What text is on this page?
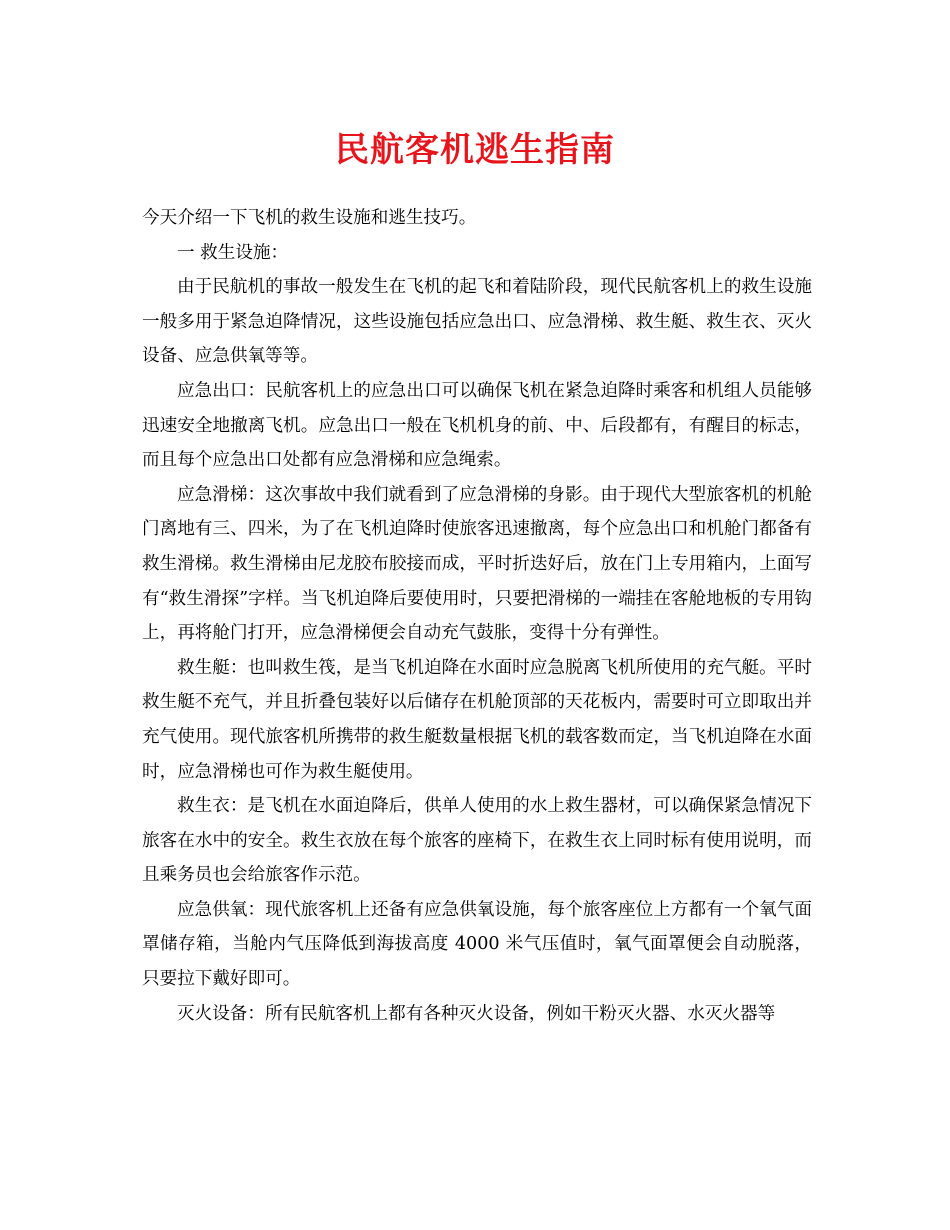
民航客机逃生指南

今天介绍一下飞机的救生设施和逃生技巧。

一 救生设施：

由于民航机的事故一般发生在飞机的起飞和着陆阶段，现代民航客机上的救生设施一般多用于紧急迫降情况，这些设施包括应急出口、应急滑梯、救生艇、救生衣、灭火设备、应急供氧等等。

应急出口：民航客机上的应急出口可以确保飞机在紧急迫降时乘客和机组人员能够迅速安全地撤离飞机。应急出口一般在飞机机身的前、中、后段都有，有醒目的标志，而且每个应急出口处都有应急滑梯和应急绳索。

应急滑梯：这次事故中我们就看到了应急滑梯的身影。由于现代大型旅客机的机舱门离地有三、四米，为了在飞机迫降时使旅客迅速撤离，每个应急出口和机舱门都备有救生滑梯。救生滑梯由尼龙胶布胶接而成，平时折迭好后，放在门上专用箱内，上面写有“救生滑探”字样。当飞机迫降后要使用时，只要把滑梯的一端挂在客舱地板的专用钩上，再将舱门打开，应急滑梯便会自动充气鼓胀，变得十分有弹性。

救生艇：也叫救生筏，是当飞机迫降在水面时应急脱离飞机所使用的充气艇。平时救生艇不充气，并且折叠包装好以后储存在机舱顶部的天花板内，需要时可立即取出并充气使用。现代旅客机所携带的救生艇数量根据飞机的载客数而定，当飞机迫降在水面时，应急滑梯也可作为救生艇使用。

救生衣：是飞机在水面迫降后，供单人使用的水上救生器材，可以确保紧急情况下旅客在水中的安全。救生衣放在每个旅客的座椅下，在救生衣上同时标有使用说明，而且乘务员也会给旅客作示范。

应急供氧：现代旅客机上还备有应急供氧设施，每个旅客座位上方都有一个氧气面罩储存箱，当舱内气压降低到海拔高度 4000 米气压值时，氧气面罩便会自动脱落，只要拉下戴好即可。

灭火设备：所有民航客机上都有各种灭火设备，例如干粉灭火器、水灭火器等
